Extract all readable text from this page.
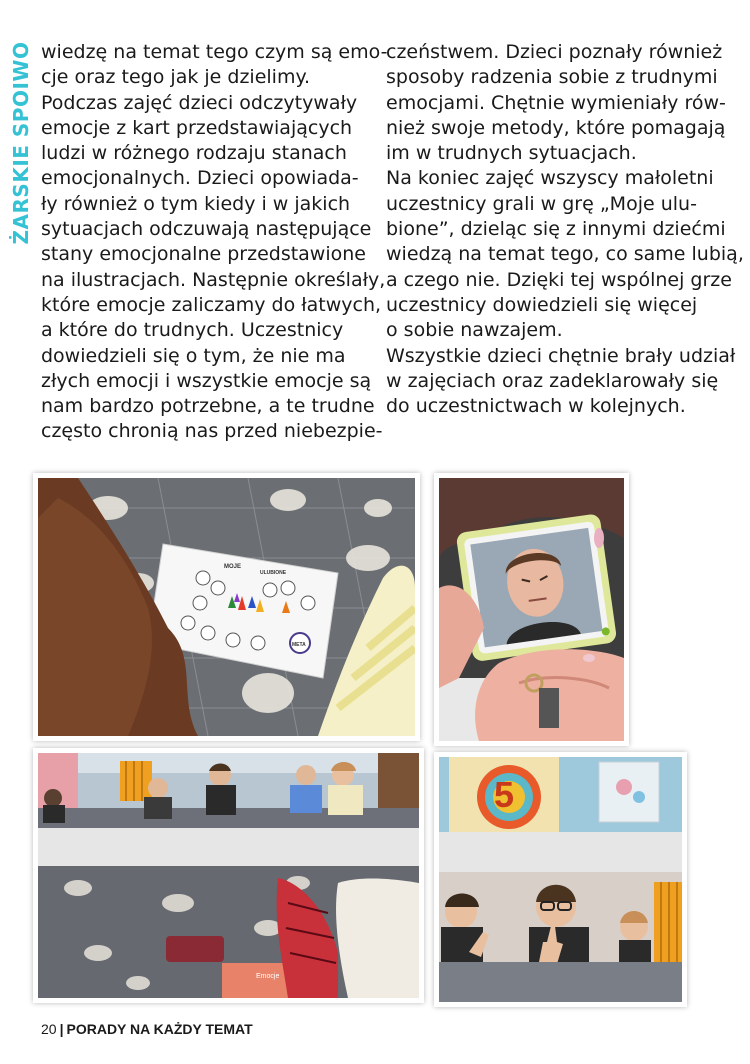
ŻARSKIE SPOIWO wiedzę na temat tego czym są emo-

cje oraz tego jak je dzielimy.

Podczas zajęć dzieci odczytywały

emocje z kart przedstawiających

ludzi w różnego rodzaju stanach

emocjonalnych. Dzieci opowiada-

ły również o tym kiedy i w jakich

sytuacjach odczuwają następujące

stany emocjonalne przedstawione

na ilustracjach. Następnie określały,

które emocje zaliczamy do łatwych,

a które do trudnych. Uczestnicy

dowiedzieli się o tym, że nie ma

złych emocji i wszystkie emocje są

nam bardzo potrzebne, a te trudne

często chronią nas przed niebezpie-

czeństwem. Dzieci poznały również

sposoby radzenia sobie z trudnymi

emocjami. Chętnie wymieniały rów-

nież swoje metody, które pomagają

im w trudnych sytuacjach.

Na koniec zajęć wszyscy małoletni

uczestnicy grali w grę „Moje ulu-

bione”, dzieląc się z innymi dziećmi

wiedzą na temat tego, co same lubią,

a czego nie. Dzięki tej wspólnej grze

uczestnicy dowiedzieli się więcej

o sobie nawzajem.

Wszystkie dzieci chętnie brały udział

w zajęciach oraz zadeklarowały się

do uczestnictwach w kolejnych.

MOJE
ULUBIONE
META
Emocje
5
20 | PORADY NA KAŻDY TEMAT
